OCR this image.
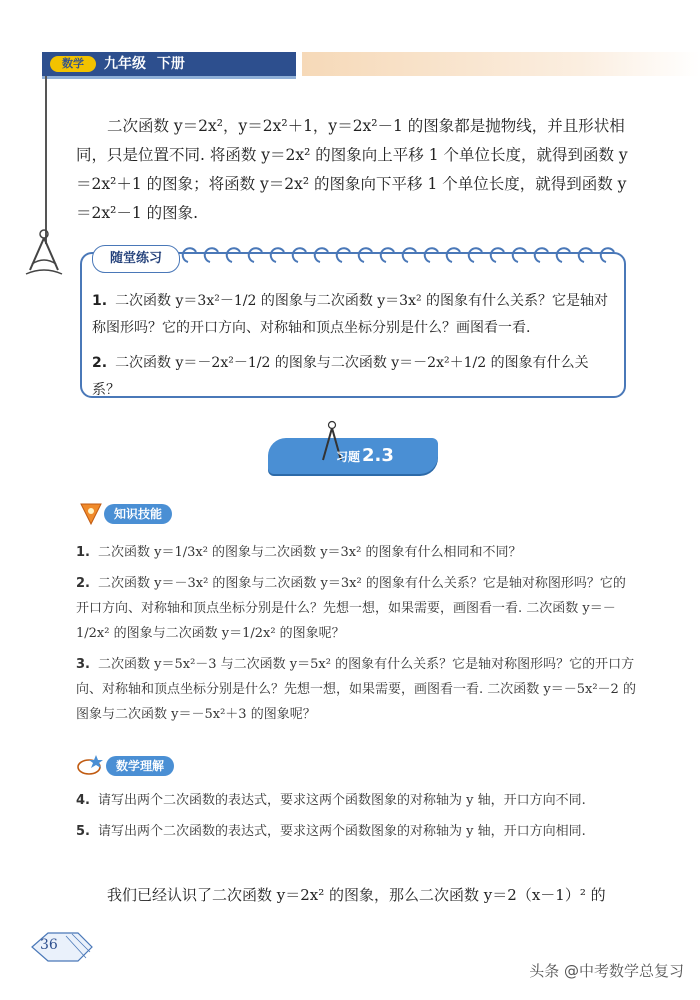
数学	九年级 下册

二次函数 y＝2x²，y＝2x²＋1，y＝2x²－1 的图象都是抛物线，并且形状相同，只是位置不同. 将函数 y＝2x² 的图象向上平移 1 个单位长度，就得到函数 y＝2x²＋1 的图象；将函数 y＝2x² 的图象向下平移 1 个单位长度，就得到函数 y＝2x²－1 的图象.

随堂练习
1. 二次函数 y＝3x²－1/2 的图象与二次函数 y＝3x² 的图象有什么关系？它是轴对称图形吗？它的开口方向、对称轴和顶点坐标分别是什么？画图看一看.
2. 二次函数 y＝－2x²－1/2 的图象与二次函数 y＝－2x²＋1/2 的图象有什么关系？
习题 2.3
知识技能
1. 二次函数 y＝1/3x² 的图象与二次函数 y＝3x² 的图象有什么相同和不同？
2. 二次函数 y＝－3x² 的图象与二次函数 y＝3x² 的图象有什么关系？它是轴对称图形吗？它的开口方向、对称轴和顶点坐标分别是什么？先想一想，如果需要，画图看一看. 二次函数 y＝－1/2x² 的图象与二次函数 y＝1/2x² 的图象呢？
3. 二次函数 y＝5x²－3 与二次函数 y＝5x² 的图象有什么关系？它是轴对称图形吗？它的开口方向、对称轴和顶点坐标分别是什么？先想一想，如果需要，画图看一看. 二次函数 y＝－5x²－2 的图象与二次函数 y＝－5x²＋3 的图象呢？
数学理解
4. 请写出两个二次函数的表达式，要求这两个函数图象的对称轴为 y 轴，开口方向不同.
5. 请写出两个二次函数的表达式，要求这两个函数图象的对称轴为 y 轴，开口方向相同.

我们已经认识了二次函数 y＝2x² 的图象，那么二次函数 y＝2（x－1）² 的

36
头条 @中考数学总复习
